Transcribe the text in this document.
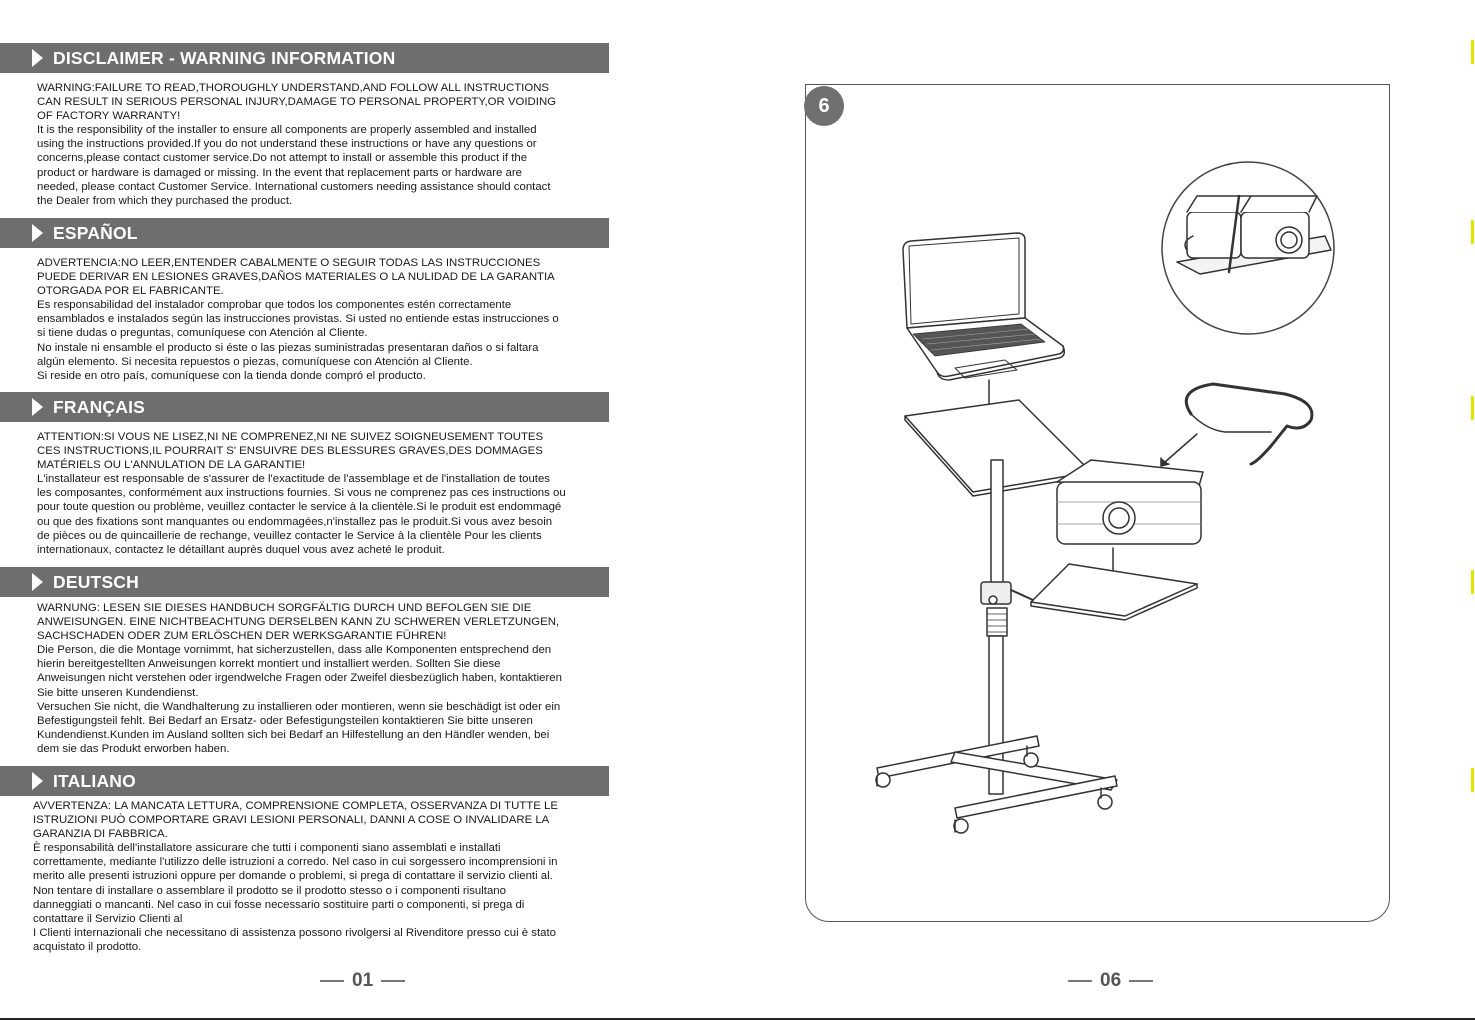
DISCLAIMER - WARNING INFORMATION

WARNING:FAILURE TO READ,THOROUGHLY UNDERSTAND,AND FOLLOW ALL INSTRUCTIONS

CAN RESULT IN SERIOUS PERSONAL INJURY,DAMAGE TO PERSONAL PROPERTY,OR VOIDING

OF FACTORY WARRANTY!

It is the responsibility of the installer to ensure all components are properly assembled and installed

using the instructions provided.If you do not understand these instructions or have any questions or

concerns,please contact customer service.Do not attempt to install or assemble this product if the

product or hardware is damaged or missing. In the event that replacement parts or hardware are

needed, please contact Customer Service. International customers needing assistance should contact

the Dealer from which they purchased the product.

ESPAÑOL

ADVERTENCIA:NO LEER,ENTENDER CABALMENTE O SEGUIR TODAS LAS INSTRUCCIONES

PUEDE DERIVAR EN LESIONES GRAVES,DAÑOS MATERIALES O LA NULIDAD DE LA GARANTIA

OTORGADA POR EL FABRICANTE.

Es responsabilidad del instalador comprobar que todos los componentes estén correctamente

ensamblados e instalados según las instrucciones provistas. Si usted no entiende estas instrucciones o

si tiene dudas o preguntas, comuníquese con Atención al Cliente.

No instale ni ensamble el producto si éste o las piezas suministradas presentaran daños o si faltara

algún elemento. Si necesita repuestos o piezas, comuníquese con Atención al Cliente.

Si reside en otro país, comuníquese con la tienda donde compró el producto.

FRANÇAIS

ATTENTION:SI VOUS NE LISEZ,NI NE COMPRENEZ,NI NE SUIVEZ SOIGNEUSEMENT TOUTES

CES INSTRUCTIONS,IL POURRAIT S' ENSUIVRE DES BLESSURES GRAVES,DES DOMMAGES

MATÉRIELS OU L'ANNULATION DE LA GARANTIE!

L'installateur est responsable de s'assurer de l'exactitude de l'assemblage et de l'installation de toutes

les composantes, conformément aux instructions fournies. Si vous ne comprenez pas ces instructions ou

pour toute question ou problème, veuillez contacter le service à la clientèle.Si le produit est endommagé

ou que des fixations sont manquantes ou endommagées,n'installez pas le produit.Si vous avez besoin

de pièces ou de quincaillerie de rechange, veuillez contacter le Service à la clientèle Pour les clients

internationaux, contactez le détaillant auprès duquel vous avez acheté le produit.

DEUTSCH

WARNUNG: LESEN SIE DIESES HANDBUCH SORGFÄLTIG DURCH UND BEFOLGEN SIE DIE

ANWEISUNGEN. EINE NICHTBEACHTUNG DERSELBEN KANN ZU SCHWEREN VERLETZUNGEN,

SACHSCHADEN ODER ZUM ERLÖSCHEN DER WERKSGARANTIE FÜHREN!

Die Person, die die Montage vornimmt, hat sicherzustellen, dass alle Komponenten entsprechend den

hierin bereitgestellten Anweisungen korrekt montiert und installiert werden. Sollten Sie diese

Anweisungen nicht verstehen oder irgendwelche Fragen oder Zweifel diesbezüglich haben, kontaktieren

Sie bitte unseren Kundendienst.

Versuchen Sie nicht, die Wandhalterung zu installieren oder montieren, wenn sie beschädigt ist oder ein

Befestigungsteil fehlt. Bei Bedarf an Ersatz- oder Befestigungsteilen kontaktieren Sie bitte unseren

Kundendienst.Kunden im Ausland sollten sich bei Bedarf an Hilfestellung an den Händler wenden, bei

dem sie das Produkt erworben haben.

ITALIANO

AVVERTENZA: LA MANCATA LETTURA, COMPRENSIONE COMPLETA, OSSERVANZA DI TUTTE LE

ISTRUZIONI PUÒ COMPORTARE GRAVI LESIONI PERSONALI, DANNI A COSE O INVALIDARE LA

GARANZIA DI FABBRICA.

È responsabilità dell'installatore assicurare che tutti i componenti siano assemblati e installati

correttamente, mediante l'utilizzo delle istruzioni a corredo. Nel caso in cui sorgessero incomprensioni in

merito alle presenti istruzioni oppure per domande o problemi, si prega di contattare il servizio clienti al.

Non tentare di installare o assemblare il prodotto se il prodotto stesso o i componenti risultano

danneggiati o mancanti. Nel caso in cui fosse necessario sostituire parti o componenti, si prega di

contattare il Servizio Clienti al

I Clienti internazionali che necessitano di assistenza possono rivolgersi al Rivenditore presso cui è stato

acquistato il prodotto.

01
6
06
